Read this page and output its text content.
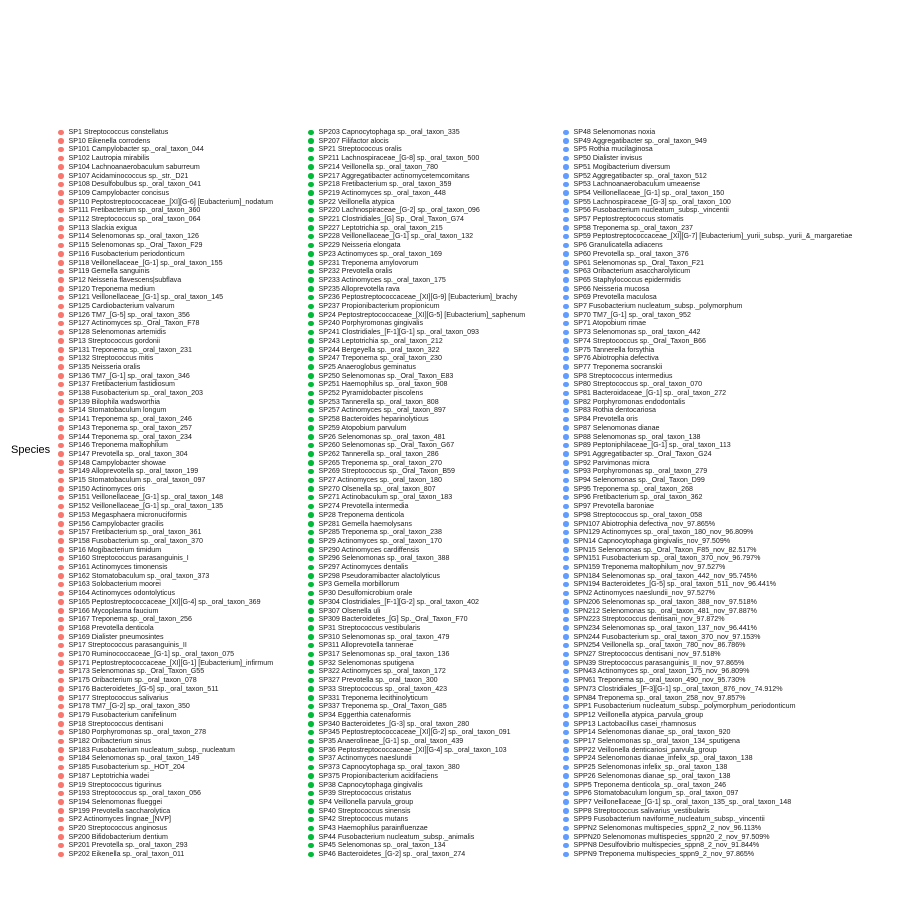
Species
SP1 Streptococcus constellatus
SP10 Eikenella corrodens
SP101 Campylobacter sp._oral_taxon_044
SP102 Lautropia mirabilis
SP104 Lachnoanaerobaculum saburreum
SP107 Acidaminococcus sp._str._D21
SP108 Desulfobulbus sp._oral_taxon_041
SP109 Campylobacter concisus
SP110 Peptostreptococcaceae_[XI][G-6] [Eubacterium]_nodatum
SP111 Fretibacterium sp._oral_taxon_360
SP112 Streptococcus sp._oral_taxon_064
SP113 Slackia exigua
SP114 Selenomonas sp._oral_taxon_126
SP115 Selenomonas sp._Oral_Taxon_F29
SP116 Fusobacterium periodonticum
SP118 Veillonellaceae_[G-1] sp._oral_taxon_155
SP119 Gemella sanguinis
SP12 Neisseria flavescens|subflava
SP120 Treponema medium
SP121 Veillonellaceae_[G-1] sp._oral_taxon_145
SP125 Cardiobacterium valvarum
SP126 TM7_[G-5] sp._oral_taxon_356
SP127 Actinomyces sp._Oral_Taxon_F78
SP128 Selenomonas artemidis
SP13 Streptococcus gordonii
SP131 Treponema sp._oral_taxon_231
SP132 Streptococcus mitis
SP135 Neisseria oralis
SP136 TM7_[G-1] sp._oral_taxon_346
SP137 Fretibacterium fastidiosum
SP138 Fusobacterium sp._oral_taxon_203
SP139 Bilophila wadsworthia
SP14 Stomatobaculum longum
SP141 Treponema sp._oral_taxon_246
SP143 Treponema sp._oral_taxon_257
SP144 Treponema sp._oral_taxon_234
SP146 Treponema maltophilum
SP147 Prevotella sp._oral_taxon_304
SP148 Campylobacter showae
SP149 Alloprevotella sp._oral_taxon_199
SP15 Stomatobaculum sp._oral_taxon_097
SP150 Actinomyces oris
SP151 Veillonellaceae_[G-1] sp._oral_taxon_148
SP152 Veillonellaceae_[G-1] sp._oral_taxon_135
SP153 Megasphaera micronuciformis
SP156 Campylobacter gracilis
SP157 Fretibacterium sp._oral_taxon_361
SP158 Fusobacterium sp._oral_taxon_370
SP16 Mogibacterium timidum
SP160 Streptococcus parasanguinis_I
SP161 Actinomyces timonensis
SP162 Stomatobaculum sp._oral_taxon_373
SP163 Solobacterium moorei
SP164 Actinomyces odontolyticus
SP165 Peptostreptococcaceae_[XI][G-4] sp._oral_taxon_369
SP166 Mycoplasma faucium
SP167 Treponema sp._oral_taxon_256
SP168 Prevotella denticola
SP169 Dialister pneumosintes
SP17 Streptococcus parasanguinis_II
SP170 Ruminococcaceae_[G-1] sp._oral_taxon_075
SP171 Peptostreptococcaceae_[XI][G-1] [Eubacterium]_infirmum
SP173 Selenomonas sp._Oral_Taxon_G55
SP175 Oribacterium sp._oral_taxon_078
SP176 Bacteroidetes_[G-5] sp._oral_taxon_511
SP177 Streptococcus salivarius
SP178 TM7_[G-2] sp._oral_taxon_350
SP179 Fusobacterium canifelinum
SP18 Streptococcus dentisani
SP180 Porphyromonas sp._oral_taxon_278
SP182 Oribacterium sinus
SP183 Fusobacterium nucleatum_subsp._nucleatum
SP184 Selenomonas sp._oral_taxon_149
SP185 Fusobacterium sp._HOT_204
SP187 Leptotrichia wadei
SP19 Streptococcus tigurinus
SP193 Streptococcus sp._oral_taxon_056
SP194 Selenomonas flueggei
SP199 Prevotella saccharolytica
SP2 Actinomyces lingnae_[NVP]
SP20 Streptococcus anginosus
SP200 Bifidobacterium dentium
SP201 Prevotella sp._oral_taxon_293
SP202 Eikenella sp._oral_taxon_011
SP203 Capnocytophaga sp._oral_taxon_335
SP207 Filifactor alocis
SP21 Streptococcus oralis
SP211 Lachnospiraceae_[G-8] sp._oral_taxon_500
SP214 Veillonella sp._oral_taxon_780
SP217 Aggregatibacter actinomycetemcomitans
SP218 Fretibacterium sp._oral_taxon_359
SP219 Actinomyces sp._oral_taxon_448
SP22 Veillonella atypica
SP220 Lachnospiraceae_[G-2] sp._oral_taxon_096
SP221 Clostridiales_[G] Sp._Oral_Taxon_G74
SP227 Leptotrichia sp._oral_taxon_215
SP228 Veillonellaceae_[G-1] sp._oral_taxon_132
SP229 Neisseria elongata
SP23 Actinomyces sp._oral_taxon_169
SP231 Treponema amylovorum
SP232 Prevotella oralis
SP233 Actinomyces sp._oral_taxon_175
SP235 Alloprevotella rava
SP236 Peptostreptococcaceae_[XI][G-9] [Eubacterium]_brachy
SP237 Propionibacterium propionicum
SP24 Peptostreptococcaceae_[XI][G-5] [Eubacterium]_saphenum
SP240 Porphyromonas gingivalis
SP241 Clostridiales_[F-1][G-1] sp._oral_taxon_093
SP243 Leptotrichia sp._oral_taxon_212
SP244 Bergeyella sp._oral_taxon_322
SP247 Treponema sp._oral_taxon_230
SP25 Anaeroglobus geminatus
SP250 Selenomonas sp._Oral_Taxon_E83
SP251 Haemophilus sp._oral_taxon_908
SP252 Pyramidobacter piscolens
SP253 Tannerella sp._oral_taxon_808
SP257 Actinomyces sp._oral_taxon_897
SP258 Bacteroides heparinolyticus
SP259 Atopobium parvulum
SP26 Selenomonas sp._oral_taxon_481
SP260 Selenomonas sp._Oral_Taxon_G67
SP262 Tannerella sp._oral_taxon_286
SP265 Treponema sp._oral_taxon_270
SP269 Streptococcus sp._Oral_Taxon_B59
SP27 Actinomyces sp._oral_taxon_180
SP270 Olsenella sp._oral_taxon_807
SP271 Actinobaculum sp._oral_taxon_183
SP274 Prevotella intermedia
SP28 Treponema denticola
SP281 Gemella haemolysans
SP285 Treponema sp._oral_taxon_238
SP29 Actinomyces sp._oral_taxon_170
SP290 Actinomyces cardiffensis
SP296 Selenomonas sp._oral_taxon_388
SP297 Actinomyces dentalis
SP298 Pseudoramibacter alactolyticus
SP3 Gemella morbillorum
SP30 Desulfomicrobium orale
SP304 Clostridiales_[F-1][G-2] sp._oral_taxon_402
SP307 Olsenella uli
SP309 Bacteroidetes_[G] Sp._Oral_Taxon_F70
SP31 Streptococcus vestibularis
SP310 Selenomonas sp._oral_taxon_479
SP311 Alloprevotella tannerae
SP317 Selenomonas sp._oral_taxon_136
SP32 Selenomonas sputigena
SP322 Actinomyces sp._oral_taxon_172
SP327 Prevotella sp._oral_taxon_300
SP33 Streptococcus sp._oral_taxon_423
SP331 Treponema lecithinolyticum
SP337 Treponema sp._Oral_Taxon_G85
SP34 Eggerthia catenaformis
SP340 Bacteroidetes_[G-3] sp._oral_taxon_280
SP345 Peptostreptococcaceae_[XI][G-2] sp._oral_taxon_091
SP35 Anaerolineae_[G-1] sp._oral_taxon_439
SP36 Peptostreptococcaceae_[XI][G-4] sp._oral_taxon_103
SP37 Actinomyces naeslundii
SP373 Capnocytophaga sp._oral_taxon_380
SP375 Propionibacterium acidifaciens
SP38 Capnocytophaga gingivalis
SP39 Streptococcus cristatus
SP4 Veillonella parvula_group
SP40 Streptococcus sinensis
SP42 Streptococcus mutans
SP43 Haemophilus parainfluenzae
SP44 Fusobacterium nucleatum_subsp._animalis
SP45 Selenomonas sp._oral_taxon_134
SP46 Bacteroidetes_[G-2] sp._oral_taxon_274
SP48 Selenomonas noxia
SP49 Aggregatibacter sp._oral_taxon_949
SP5 Rothia mucilaginosa
SP50 Dialister invisus
SP51 Mogibacterium diversum
SP52 Aggregatibacter sp._oral_taxon_512
SP53 Lachnoanaerobaculum umeaense
SP54 Veillonellaceae_[G-1] sp._oral_taxon_150
SP55 Lachnospiraceae_[G-3] sp._oral_taxon_100
SP56 Fusobacterium nucleatum_subsp._vincentii
SP57 Peptostreptococcus stomatis
SP58 Treponema sp._oral_taxon_237
SP59 Peptostreptococcaceae_[XI][G-7] [Eubacterium]_yurii_subsp._yurii_&_margaretiae
SP6 Granulicatella adiacens
SP60 Prevotella sp._oral_taxon_376
SP61 Selenomonas sp._Oral_Taxon_F21
SP63 Oribacterium asaccharolyticum
SP65 Staphylococcus epidermidis
SP66 Neisseria mucosa
SP69 Prevotella maculosa
SP7 Fusobacterium nucleatum_subsp._polymorphum
SP70 TM7_[G-1] sp._oral_taxon_952
SP71 Atopobium rimae
SP73 Selenomonas sp._oral_taxon_442
SP74 Streptococcus sp._Oral_Taxon_B66
SP75 Tannerella forsythia
SP76 Abiotrophia defectiva
SP77 Treponema socranskii
SP8 Streptococcus intermedius
SP80 Streptococcus sp._oral_taxon_070
SP81 Bacteroidaceae_[G-1] sp._oral_taxon_272
SP82 Porphyromonas endodontalis
SP83 Rothia dentocariosa
SP84 Prevotella oris
SP87 Selenomonas dianae
SP88 Selenomonas sp._oral_taxon_138
SP89 Peptoniphilaceae_[G-1] sp._oral_taxon_113
SP91 Aggregatibacter sp._Oral_Taxon_G24
SP92 Parvimonas micra
SP93 Porphyromonas sp._oral_taxon_279
SP94 Selenomonas sp._Oral_Taxon_D99
SP95 Treponema sp._oral_taxon_268
SP96 Fretibacterium sp._oral_taxon_362
SP97 Prevotella baroniae
SP98 Streptococcus sp._oral_taxon_058
SPN107 Abiotrophia defectiva_nov_97.865%
SPN129 Actinomyces sp._oral_taxon_180_nov_96.809%
SPN14 Capnocytophaga gingivalis_nov_97.509%
SPN15 Selenomonas sp._Oral_Taxon_F85_nov_82.517%
SPN151 Fusobacterium sp._oral_taxon_370_nov_96.797%
SPN159 Treponema maltophilum_nov_97.527%
SPN184 Selenomonas sp._oral_taxon_442_nov_95.745%
SPN194 Bacteroidetes_[G-5] sp._oral_taxon_511_nov_96.441%
SPN2 Actinomyces naeslundii_nov_97.527%
SPN206 Selenomonas sp._oral_taxon_388_nov_97.518%
SPN212 Selenomonas sp._oral_taxon_481_nov_97.887%
SPN223 Streptococcus dentisani_nov_97.872%
SPN234 Selenomonas sp._oral_taxon_137_nov_96.441%
SPN244 Fusobacterium sp._oral_taxon_370_nov_97.153%
SPN254 Veillonella sp._oral_taxon_780_nov_86.786%
SPN27 Streptococcus dentisani_nov_97.518%
SPN39 Streptococcus parasanguinis_II_nov_97.865%
SPN43 Actinomyces sp._oral_taxon_175_nov_96.809%
SPN61 Treponema sp._oral_taxon_490_nov_95.730%
SPN73 Clostridiales_[F-3][G-1] sp._oral_taxon_876_nov_74.912%
SPN84 Treponema sp._oral_taxon_258_nov_97.857%
SPP1 Fusobacterium nucleatum_subsp._polymorphum_periodonticum
SPP12 Veillonella atypica_parvula_group
SPP13 Lactobacillus casei_rhamnosus
SPP14 Selenomonas dianae_sp._oral_taxon_920
SPP17 Selenomonas sp._oral_taxon_134_sputigena
SPP22 Veillonella denticariosi_parvula_group
SPP24 Selenomonas dianae_infelix_sp._oral_taxon_138
SPP25 Selenomonas infelix_sp._oral_taxon_138
SPP26 Selenomonas dianae_sp._oral_taxon_138
SPP5 Treponema denticola_sp._oral_taxon_246
SPP6 Stomatobaculum longum_sp._oral_taxon_097
SPP7 Veillonellaceae_[G-1] sp._oral_taxon_135_sp._oral_taxon_148
SPP8 Streptococcus salivarius_vestibularis
SPP9 Fusobacterium naviforme_nucleatum_subsp._vincentii
SPPN2 Selenomonas multispecies_sppn2_2_nov_96.113%
SPPN20 Selenomonas multispecies_sppn20_2_nov_97.509%
SPPN8 Desulfovibrio multispecies_sppn8_2_nov_91.844%
SPPN9 Treponema multispecies_sppn9_2_nov_97.865%
